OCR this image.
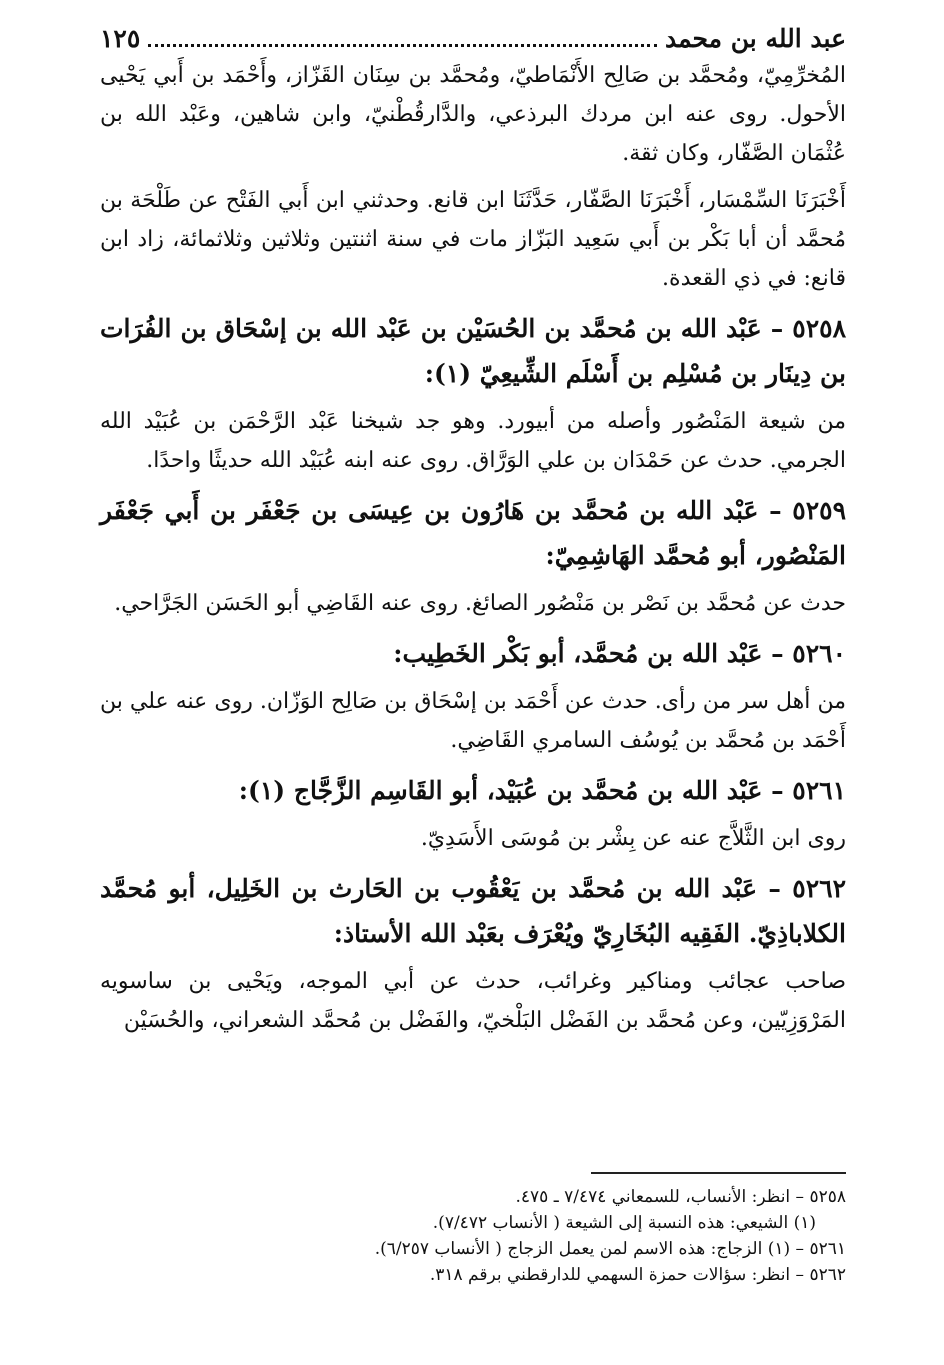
عبد الله بن محمد
١٢٥

المُخرِّمِيّ، ومُحمَّد بن صَالِح الأَنْمَاطيّ، ومُحمَّد بن سِنَان القَزّاز، وأَحْمَد بن أَبي يَحْيى الأحول. روى عنه ابن مردك البرذعي، والدَّارقُطْنيّ، وابن شاهين، وعَبْد الله بن عُثْمَان الصَّفّار، وكان ثقة.

أَخْبَرَنَا السِّمْسَار، أَخْبَرَنَا الصَّفّار، حَدَّثَنَا ابن قانع. وحدثني ابن أَبي الفَتْح عن طَلْحَة بن مُحمَّد أن أبا بَكْر بن أَبي سَعِيد البَزّاز مات في سنة اثنتين وثلاثين وثلاثمائة، زاد ابن قانع: في ذي القعدة.

٥٢٥٨ – عَبْد الله بن مُحمَّد بن الحُسَيْن بن عَبْد الله بن إسْحَاق بن الفُرَات بن دِينَار بن مُسْلِم بن أَسْلَم الشِّيعِيّ (١):

من شيعة المَنْصُور وأصله من أبيورد. وهو جد شيخنا عَبْد الرَّحْمَن بن عُبَيْد الله الجرمي. حدث عن حَمْدَان بن علي الوَرَّاق. روى عنه ابنه عُبَيْد الله حديثًا واحدًا.

٥٢٥٩ – عَبْد الله بن مُحمَّد بن هَارُون بن عِيسَى بن جَعْفَر بن أَبي جَعْفَر المَنْصُور، أبو مُحمَّد الهَاشِمِيّ:

حدث عن مُحمَّد بن نَصْر بن مَنْصُور الصائغ. روى عنه القَاضِي أبو الحَسَن الجَرَّاحي.

٥٢٦٠ – عَبْد الله بن مُحمَّد، أبو بَكْر الخَطِيب:

من أهل سر من رأى. حدث عن أَحْمَد بن إسْحَاق بن صَالِح الوَزّان. روى عنه علي بن أَحْمَد بن مُحمَّد بن يُوسُف السامري القَاضِي.

٥٢٦١ – عَبْد الله بن مُحمَّد بن عُبَيْد، أبو القَاسِم الزَّجَّاج (١):

روى ابن الثَّلاَّج عنه عن بِشْر بن مُوسَى الأَسَدِيّ.

٥٢٦٢ – عَبْد الله بن مُحمَّد بن يَعْقُوب بن الحَارث بن الخَلِيل، أبو مُحمَّد الكلاباذِيّ. الفَقِيه البُخَارِيّ ويُعْرَف بعَبْد الله الأستاذ:

صاحب عجائب ومناكير وغرائب، حدث عن أبي الموجه، ويَحْيى بن ساسويه المَرْوَزِيّين، وعن مُحمَّد بن الفَضْل البَلْخيّ، والفَضْل بن مُحمَّد الشعراني، والحُسَيْن

٥٢٥٨ – انظر: الأنساب، للسمعاني ٧/٤٧٤ ـ ٤٧٥.

(١) الشيعي: هذه النسبة إلى الشيعة ( الأنساب ٧/٤٧٢).

٥٢٦١ – (١) الزجاج: هذه الاسم لمن يعمل الزجاج ( الأنساب ٦/٢٥٧).

٥٢٦٢ – انظر: سؤالات حمزة السهمي للدارقطني برقم ٣١٨.
